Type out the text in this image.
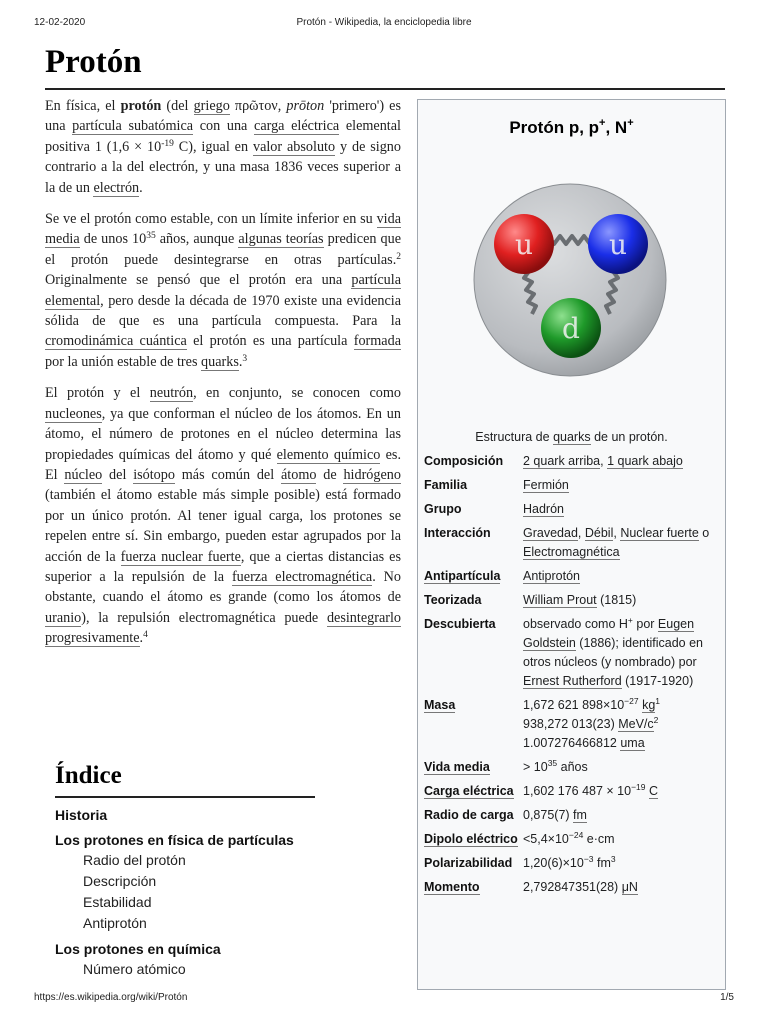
12-02-2020	Protón - Wikipedia, la enciclopedia libre
Protón

En física, el protón (del griego πρῶτον, prōton 'primero') es una partícula subatómica con una carga eléctrica elemental positiva 1 ($1,6 \times 10^{-19}$ C), igual en valor absoluto y de signo contrario a la del electrón, y una masa 1836 veces superior a la de un electrón.

Se ve el protón como estable, con un límite inferior en su vida media de unos $10^{35}$ años, aunque algunas teorías predicen que el protón puede desintegrarse en otras partículas.$^2$ Originalmente se pensó que el protón era una partícula elemental, pero desde la década de 1970 existe una evidencia sólida de que es una partícula compuesta. Para la cromodinámica cuántica el protón es una partícula formada por la unión estable de tres quarks.$^3$

El protón y el neutrón, en conjunto, se conocen como nucleones, ya que conforman el núcleo de los átomos. En un átomo, el número de protones en el núcleo determina las propiedades químicas del átomo y qué elemento químico es. El núcleo del isótopo más común del átomo de hidrógeno (también el átomo estable más simple posible) está formado por un único protón. Al tener igual carga, los protones se repelen entre sí. Sin embargo, pueden estar agrupados por la acción de la fuerza nuclear fuerte, que a ciertas distancias es superior a la repulsión de la fuerza electromagnética. No obstante, cuando el átomo es grande (como los átomos de uranio), la repulsión electromagnética puede desintegrarlo progresivamente.$^4$

Índice
Historia
Los protones en física de partículas
Radio del protón
Descripción
Estabilidad
Antiprotón
Los protones en química
Número atómico
Protón p, p+, N+
u	u
d
Estructura de quarks de un protón.
Composición	2 quark arriba, 1 quark abajo
Familia	Fermión
Grupo	Hadrón
Interacción	Gravedad, Débil, Nuclear fuerte o Electromagnética
Antipartícula	Antiprotón
Teorizada	William Prout (1815)
Descubierta	observado como H+ por Eugen Goldstein (1886); identificado en otros núcleos (y nombrado) por Ernest Rutherford (1917-1920)
Masa	1,672 621 $898\times 10^{-27}$ $kg^1$
938,272 013(23) MeV/$c^2$
1.007276466812 uma
Vida media	> $10^{35}$ años
Carga eléctrica 1,602 176 $487 \times 10^{-19}$ C
Radio de carga 0,875(7) fm
Dipolo eléctrico $<5,4\times 10^{-24}$ e·cm
Polarizabilidad $1,20(6)\times 10^{-3}$ $fm^3$
Momento	2,792847351(28) μN
https://es.wikipedia.org/wiki/Protón	1/5
